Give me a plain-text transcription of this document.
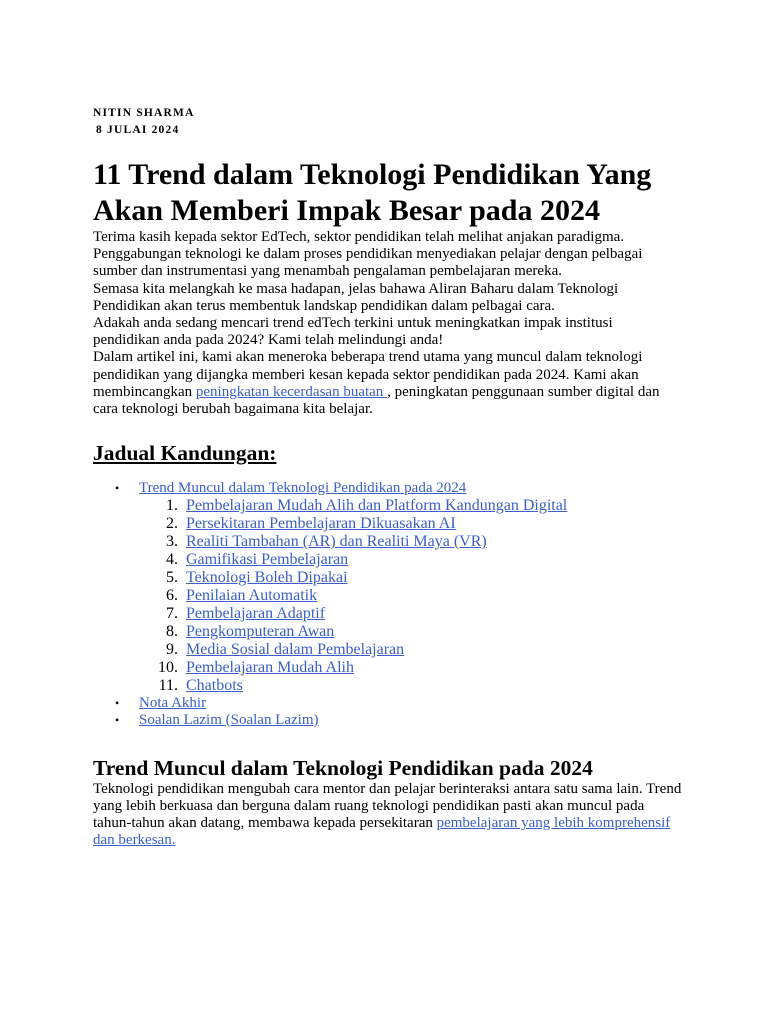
NITIN SHARMA
8 JULAI 2024
11 Trend dalam Teknologi Pendidikan Yang Akan Memberi Impak Besar pada 2024

Terima kasih kepada sektor EdTech, sektor pendidikan telah melihat anjakan paradigma. Penggabungan teknologi ke dalam proses pendidikan menyediakan pelajar dengan pelbagai sumber dan instrumentasi yang menambah pengalaman pembelajaran mereka.

Semasa kita melangkah ke masa hadapan, jelas bahawa Aliran Baharu dalam Teknologi Pendidikan akan terus membentuk landskap pendidikan dalam pelbagai cara.

Adakah anda sedang mencari trend edTech terkini untuk meningkatkan impak institusi pendidikan anda pada 2024? Kami telah melindungi anda!

Dalam artikel ini, kami akan meneroka beberapa trend utama yang muncul dalam teknologi pendidikan yang dijangka memberi kesan kepada sektor pendidikan pada 2024. Kami akan membincangkan peningkatan kecerdasan buatan , peningkatan penggunaan sumber digital dan cara teknologi berubah bagaimana kita belajar.

Jadual Kandungan:
• Trend Muncul dalam Teknologi Pendidikan pada 2024
1. Pembelajaran Mudah Alih dan Platform Kandungan Digital
2. Persekitaran Pembelajaran Dikuasakan AI
3. Realiti Tambahan (AR) dan Realiti Maya (VR)
4. Gamifikasi Pembelajaran
5. Teknologi Boleh Dipakai
6. Penilaian Automatik
7. Pembelajaran Adaptif
8. Pengkomputeran Awan
9. Media Sosial dalam Pembelajaran
10. Pembelajaran Mudah Alih
11. Chatbots
• Nota Akhir
• Soalan Lazim (Soalan Lazim)
Trend Muncul dalam Teknologi Pendidikan pada 2024

Teknologi pendidikan mengubah cara mentor dan pelajar berinteraksi antara satu sama lain. Trend yang lebih berkuasa dan berguna dalam ruang teknologi pendidikan pasti akan muncul pada tahun-tahun akan datang, membawa kepada persekitaran pembelajaran yang lebih komprehensif dan berkesan.
